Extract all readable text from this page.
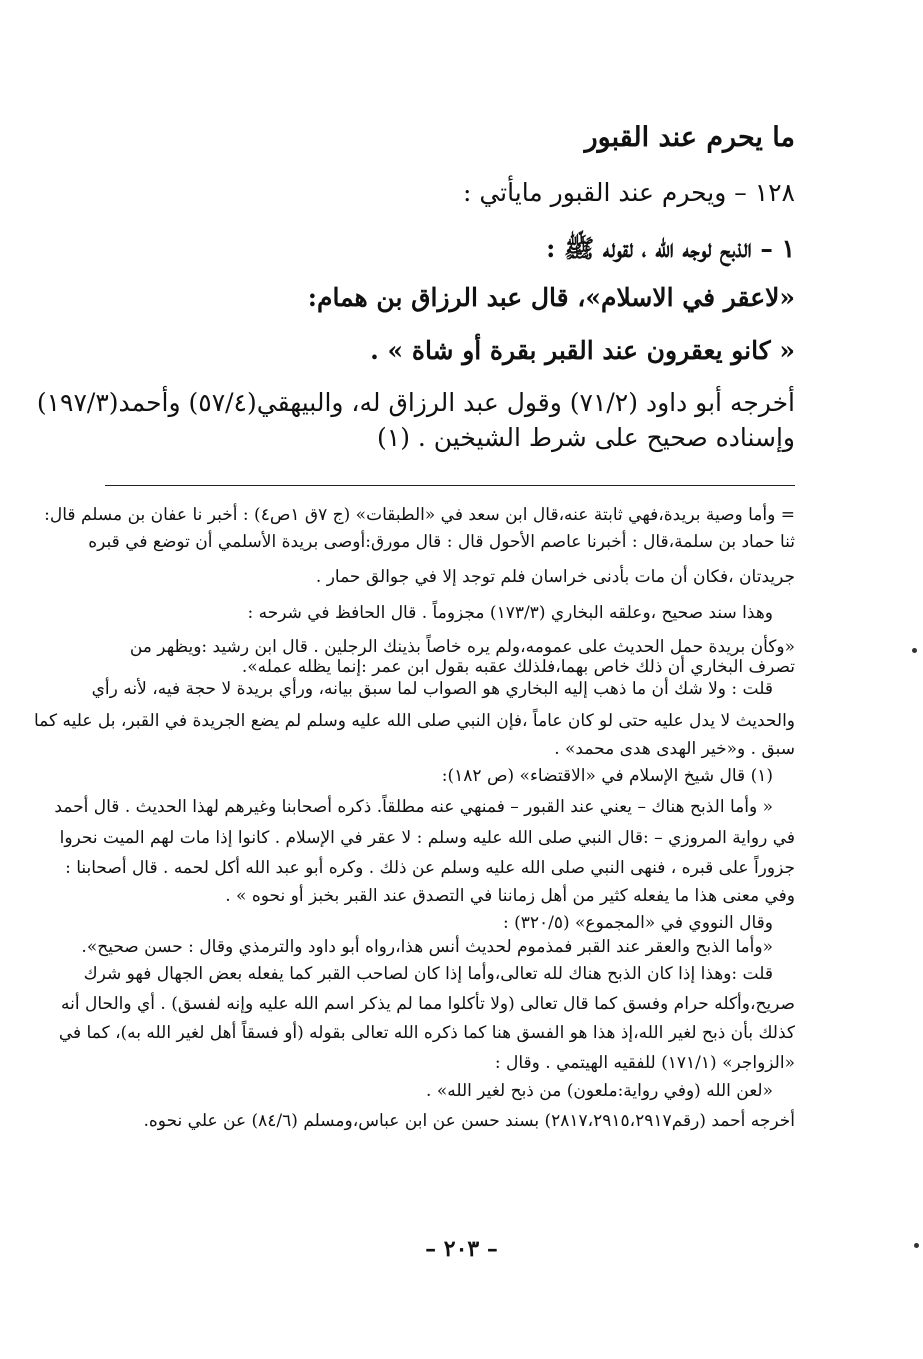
ما يحرم عند القبور
١٢٨ – ويحرم عند القبور مايأتي :
١ – الذبح لوجه الله ، لقوله ﷺ :
«لاعقر في الاسلام»، قال عبد الرزاق بن همام:
« كانو يعقرون عند القبر بقرة أو شاة » .
أخرجه أبو داود (٧١/٢) وقول عبد الرزاق له، والبيهقي(٥٧/٤) وأحمد(١٩٧/٣)
وإسناده صحيح على شرط الشيخين . (١)
= وأما وصية بريدة،فهي ثابتة عنه،قال ابن سعد في «الطبقات» (ج ٧ق ١ص٤) : أخبر نا عفان بن مسلم قال:
ثنا حماد بن سلمة،قال : أخبرنا عاصم الأحول قال : قال مورق:أوصى بريدة الأسلمي أن توضع في قبره
جريدتان ،فكان أن مات بأدنى خراسان فلم توجد إلا في جوالق حمار .
وهذا سند صحيح ،وعلقه البخاري (١٧٣/٣) مجزوماً . قال الحافظ في شرحه :
«وكأن بريدة حمل الحديث على عمومه،ولم يره خاصاً بذينك الرجلين . قال ابن رشيد :ويظهر من
تصرف البخاري أن ذلك خاص بهما،فلذلك عقبه بقول ابن عمر :إنما يظله عمله».
قلت : ولا شك أن ما ذهب إليه البخاري هو الصواب لما سبق بيانه، ورأي بريدة لا حجة فيه، لأنه رأي
والحديث لا يدل عليه حتى لو كان عاماً ،فإن النبي صلى الله عليه وسلم لم يضع الجريدة في القبر، بل عليه كما
سبق . و«خير الهدى هدى محمد» .
(١) قال شيخ الإسلام في «الاقتضاء» (ص ١٨٢):
« وأما الذبح هناك – يعني عند القبور – فمنهي عنه مطلقاً. ذكره أصحابنا وغيرهم لهذا الحديث . قال أحمد
في رواية المروزي – :قال النبي صلى الله عليه وسلم : لا عقر في الإسلام . كانوا إذا مات لهم الميت نحروا
جزوراً على قبره ، فنهى النبي صلى الله عليه وسلم عن ذلك . وكره أبو عبد الله أكل لحمه . قال أصحابنا :
وفي معنى هذا ما يفعله كثير من أهل زماننا في التصدق عند القبر بخبز أو نحوه » .
وقال النووي في «المجموع» (٣٢٠/٥) :
«وأما الذبح والعقر عند القبر فمذموم لحديث أنس هذا،رواه أبو داود والترمذي وقال : حسن صحيح».
قلت :وهذا إذا كان الذبح هناك لله تعالى،وأما إذا كان لصاحب القبر كما يفعله بعض الجهال فهو شرك
صريح،وأكله حرام وفسق كما قال تعالى (ولا تأكلوا مما لم يذكر اسم الله عليه وإنه لفسق) . أي والحال أنه
كذلك بأن ذبح لغير الله،إذ هذا هو الفسق هنا كما ذكره الله تعالى بقوله (أو فسقاً أهل لغير الله به)، كما في
«الزواجر» (١٧١/١) للفقيه الهيتمي . وقال :
«لعن الله (وفي رواية:ملعون) من ذبح لغير الله» .
أخرجه أحمد (رقم٢٨١٧،٢٩١٥،٢٩١٧) بسند حسن عن ابن عباس،ومسلم (٨٤/٦) عن علي نحوه.
– ٢٠٣ –
